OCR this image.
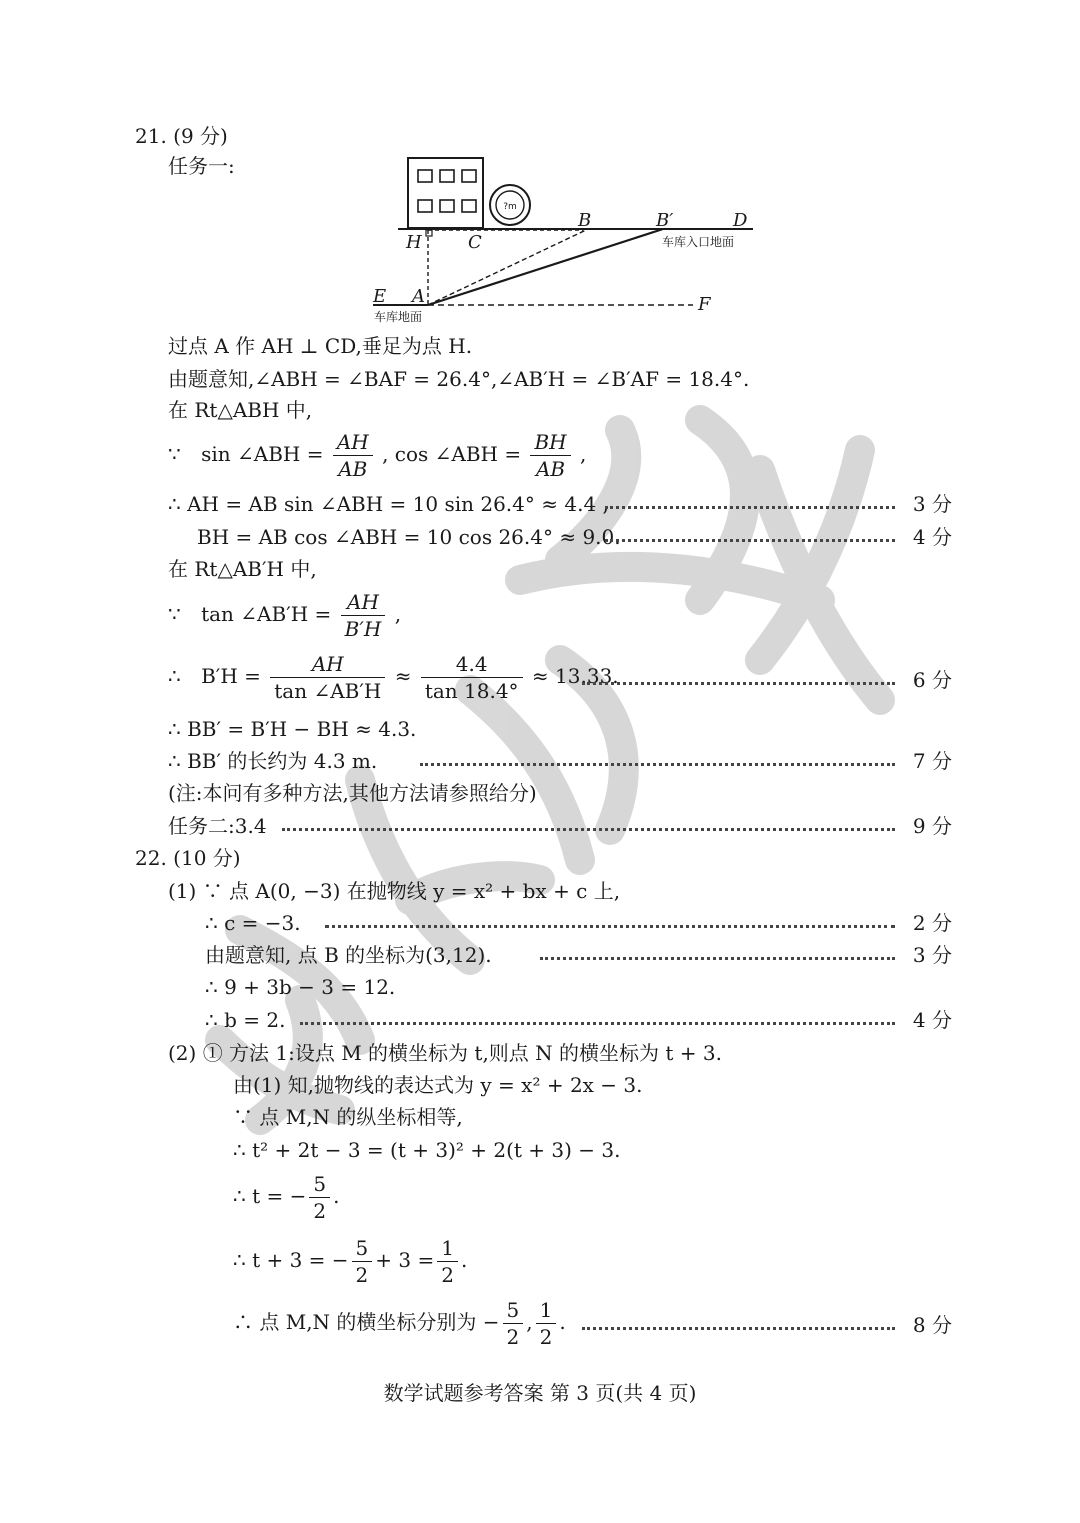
21. (9 分)
任务一:
?m
H	C
B	B′	D
E A	F
车库入口地面
车库地面
过点 A 作 AH ⊥ CD,垂足为点 H.
由题意知,∠ABH = ∠BAF = 26.4°,∠AB′H = ∠B′AF = 18.4°.
在 Rt△ABH 中,
∵ sin ∠ABH = $\frac{AH}{AB}$ , cos ∠ABH = $\frac{BH}{AB}$ ,
∴ AH = AB sin ∠ABH = 10 sin 26.4° ≈ 4.4 ,	3 分
BH = AB cos ∠ABH = 10 cos 26.4° ≈ 9.0.	4 分
在 Rt△AB′H 中,
∵ tan ∠AB′H = $\frac{AH}{B'H}$ ,
∴ $B'H = \frac{AH}{\tan \angle AB'H} \approx \frac{4.4}{\tan 18.4^\circ} \approx 13.33$.	6 分
∴ BB′ = B′H − BH ≈ 4.3.
∴ BB′ 的长约为 4.3 m.	7 分
(注:本问有多种方法,其他方法请参照给分)
任务二:3.4	9 分
22. (10 分)
(1) ∵ 点 A(0, −3) 在抛物线 y = x² + bx + c 上,
∴ c = −3.	2 分
由题意知, 点 B 的坐标为(3,12).	3 分
∴ 9 + 3b − 3 = 12.
∴ b = 2.	4 分
(2) ① 方法 1:设点 M 的横坐标为 t,则点 N 的横坐标为 t + 3.
由(1) 知,抛物线的表达式为 y = x² + 2x − 3.
∵ 点 M,N 的纵坐标相等,
∴ t² + 2t − 3 = (t + 3)² + 2(t + 3) − 3.
∴ t = − $\frac{5}{2}$ .
∴ t + 3 = − $\frac{5}{2} + 3 = \frac{1}{2}$ .
∴ 点 M,N 的横坐标分别为 − $\frac{5}{2}$ , $\frac{1}{2}$ .	8 分
数学试题参考答案 第 3 页(共 4 页)
